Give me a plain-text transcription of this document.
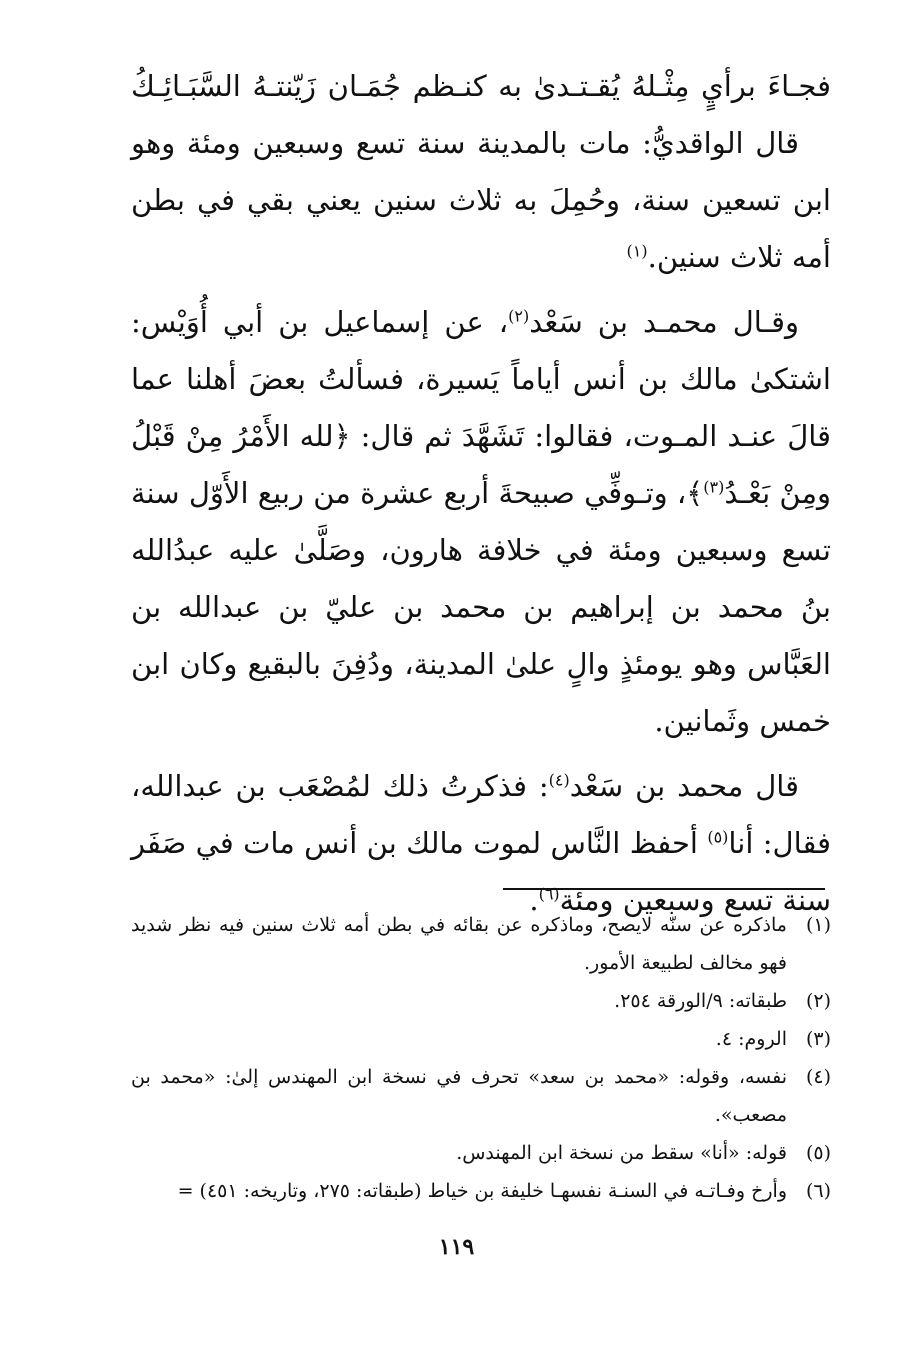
فجـاءَ برأيٍ مِثْـلهُ يُقـتـدىٰ به كنـظم جُمَـان زَيّنتـهُ السَّبَـائِـكُ

قال الواقديُّ: مات بالمدينة سنة تسع وسبعين ومئة وهو ابن تسعين سنة، وحُمِلَ به ثلاث سنين يعني بقي في بطن أمه ثلاث سنين.$^{(١)}$

وقـال محمـد بن سَعْد$^{(٢)}$، عن إسماعيل بن أبي أُوَيْس: اشتكىٰ مالك بن أنس أياماً يَسيرة، فسألتُ بعضَ أهلنا عما قالَ عنـد المـوت، فقالوا: تَشَهَّدَ ثم قال: ﴿لله الأَمْرُ مِنْ قَبْلُ ومِنْ بَعْـدُ$^{(٣)}$﴾، وتـوفِّي صبيحةَ أربع عشرة من ربيع الأَوّل سنة تسع وسبعين ومئة في خلافة هارون، وصَلَّىٰ عليه عبدُالله بنُ محمد بن إبراهيم بن محمد بن عليّ بن عبدالله بن العَبَّاس وهو يومئذٍ والٍ علىٰ المدينة، ودُفِنَ بالبقيع وكان ابن خمس وثَمانين.

قال محمد بن سَعْد$^{(٤)}$: فذكرتُ ذلك لمُصْعَب بن عبدالله، فقال: أنا$^{(٥)}$ أحفظ النَّاس لموت مالك بن أنس مات في صَفَر سنة تسع وسبعين ومئة$^{(٦)}$.

(١)
ماذكره عن سنّه لايصح، وماذكره عن بقائه في بطن أمه ثلاث سنين فيه نظر شديد فهو مخالف لطبيعة الأمور.
(٢)
طبقاته: ٩/الورقة ٢٥٤.
(٣)
الروم: ٤.
(٤)
نفسه، وقوله: «محمد بن سعد» تحرف في نسخة ابن المهندس إلىٰ: «محمد بن مصعب».
(٥)
قوله: «أنا» سقط من نسخة ابن المهندس.
(٦)
وأرخ وفـاتـه في السنـة نفسهـا خليفة بن خياط (طبقاته: ٢٧٥، وتاريخه: ٤٥١) =
١١٩
